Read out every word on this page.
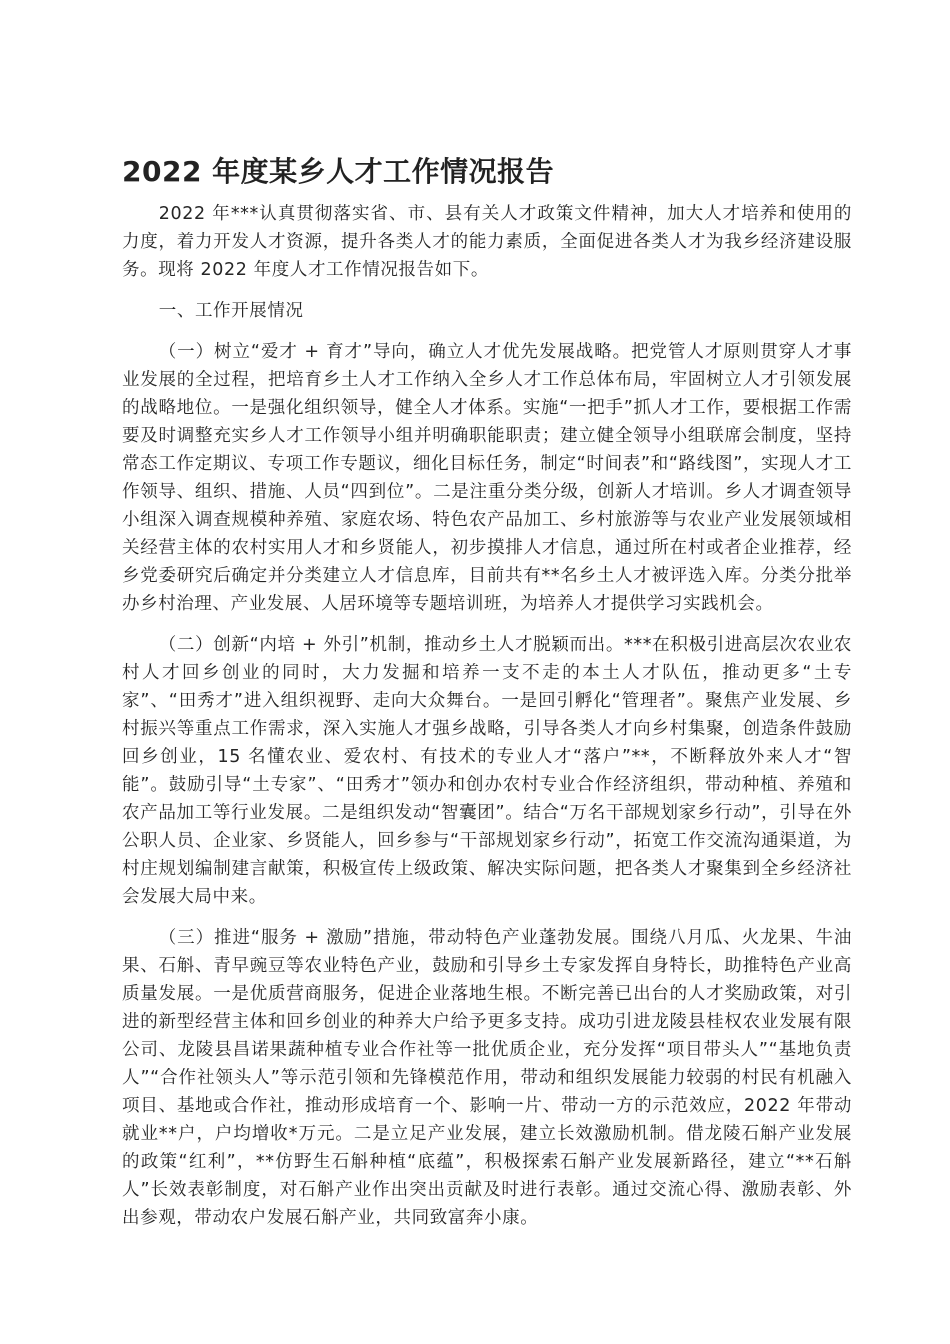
2022 年度某乡人才工作情况报告

2022 年***认真贯彻落实省、市、县有关人才政策文件精神，加大人才培养和使用的力度，着力开发人才资源，提升各类人才的能力素质，全面促进各类人才为我乡经济建设服务。现将 2022 年度人才工作情况报告如下。

一、工作开展情况

（一）树立“爱才 + 育才”导向，确立人才优先发展战略。把党管人才原则贯穿人才事业发展的全过程，把培育乡土人才工作纳入全乡人才工作总体布局，牢固树立人才引领发展的战略地位。一是强化组织领导，健全人才体系。实施“一把手”抓人才工作，要根据工作需要及时调整充实乡人才工作领导小组并明确职能职责；建立健全领导小组联席会制度，坚持常态工作定期议、专项工作专题议，细化目标任务，制定“时间表”和“路线图”，实现人才工作领导、组织、措施、人员“四到位”。二是注重分类分级，创新人才培训。乡人才调查领导小组深入调查规模种养殖、家庭农场、特色农产品加工、乡村旅游等与农业产业发展领域相关经营主体的农村实用人才和乡贤能人，初步摸排人才信息，通过所在村或者企业推荐，经乡党委研究后确定并分类建立人才信息库，目前共有**名乡土人才被评选入库。分类分批举办乡村治理、产业发展、人居环境等专题培训班，为培养人才提供学习实践机会。

（二）创新“内培 + 外引”机制，推动乡土人才脱颖而出。***在积极引进高层次农业农村人才回乡创业的同时，大力发掘和培养一支不走的本土人才队伍，推动更多“土专家”、“田秀才”进入组织视野、走向大众舞台。一是回引孵化“管理者”。聚焦产业发展、乡村振兴等重点工作需求，深入实施人才强乡战略，引导各类人才向乡村集聚，创造条件鼓励回乡创业，15 名懂农业、爱农村、有技术的专业人才“落户”**，不断释放外来人才“智能”。鼓励引导“土专家”、“田秀才”领办和创办农村专业合作经济组织，带动种植、养殖和农产品加工等行业发展。二是组织发动“智囊团”。结合“万名干部规划家乡行动”，引导在外公职人员、企业家、乡贤能人，回乡参与“干部规划家乡行动”，拓宽工作交流沟通渠道，为村庄规划编制建言献策，积极宣传上级政策、解决实际问题，把各类人才聚集到全乡经济社会发展大局中来。

（三）推进“服务 + 激励”措施，带动特色产业蓬勃发展。围绕八月瓜、火龙果、牛油果、石斛、青早豌豆等农业特色产业，鼓励和引导乡土专家发挥自身特长，助推特色产业高质量发展。一是优质营商服务，促进企业落地生根。不断完善已出台的人才奖励政策，对引进的新型经营主体和回乡创业的种养大户给予更多支持。成功引进龙陵县桂权农业发展有限公司、龙陵县昌诺果蔬种植专业合作社等一批优质企业，充分发挥“项目带头人”“基地负责人”“合作社领头人”等示范引领和先锋模范作用，带动和组织发展能力较弱的村民有机融入项目、基地或合作社，推动形成培育一个、影响一片、带动一方的示范效应，2022 年带动就业**户，户均增收*万元。二是立足产业发展，建立长效激励机制。借龙陵石斛产业发展的政策“红利”，**仿野生石斛种植“底蕴”，积极探索石斛产业发展新路径，建立“**石斛人”长效表彰制度，对石斛产业作出突出贡献及时进行表彰。通过交流心得、激励表彰、外出参观，带动农户发展石斛产业，共同致富奔小康。
